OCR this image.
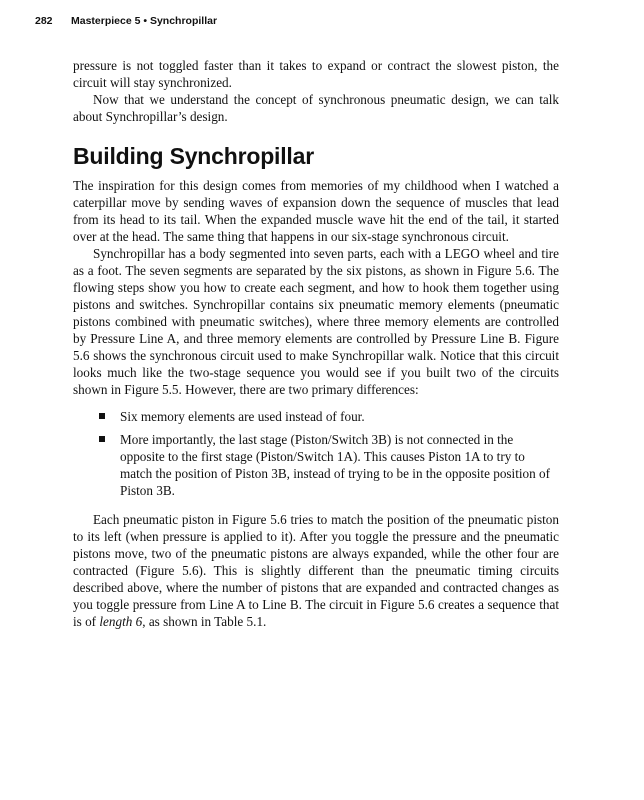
282 Masterpiece 5 • Synchropillar

pressure is not toggled faster than it takes to expand or contract the slowest piston, the circuit will stay synchronized.

Now that we understand the concept of synchronous pneumatic design, we can talk about Synchropillar’s design.

Building Synchropillar

The inspiration for this design comes from memories of my childhood when I watched a caterpillar move by sending waves of expansion down the sequence of muscles that lead from its head to its tail. When the expanded muscle wave hit the end of the tail, it started over at the head. The same thing that happens in our six-stage synchronous circuit.

Synchropillar has a body segmented into seven parts, each with a LEGO wheel and tire as a foot. The seven segments are separated by the six pistons, as shown in Figure 5.6. The flowing steps show you how to create each segment, and how to hook them together using pistons and switches. Synchropillar contains six pneumatic memory elements (pneumatic pistons combined with pneumatic switches), where three memory elements are controlled by Pressure Line A, and three memory elements are controlled by Pressure Line B. Figure 5.6 shows the synchronous circuit used to make Synchropillar walk. Notice that this circuit looks much like the two-stage sequence you would see if you built two of the circuits shown in Figure 5.5. However, there are two primary differences:

Six memory elements are used instead of four.
More importantly, the last stage (Piston/Switch 3B) is not connected in the opposite to the first stage (Piston/Switch 1A). This causes Piston 1A to try to match the position of Piston 3B, instead of trying to be in the opposite position of Piston 3B.

Each pneumatic piston in Figure 5.6 tries to match the position of the pneumatic piston to its left (when pressure is applied to it). After you toggle the pressure and the pneumatic pistons move, two of the pneumatic pistons are always expanded, while the other four are contracted (Figure 5.6). This is slightly different than the pneumatic timing circuits described above, where the number of pistons that are expanded and contracted changes as you toggle pressure from Line A to Line B. The circuit in Figure 5.6 creates a sequence that is of length 6, as shown in Table 5.1.
